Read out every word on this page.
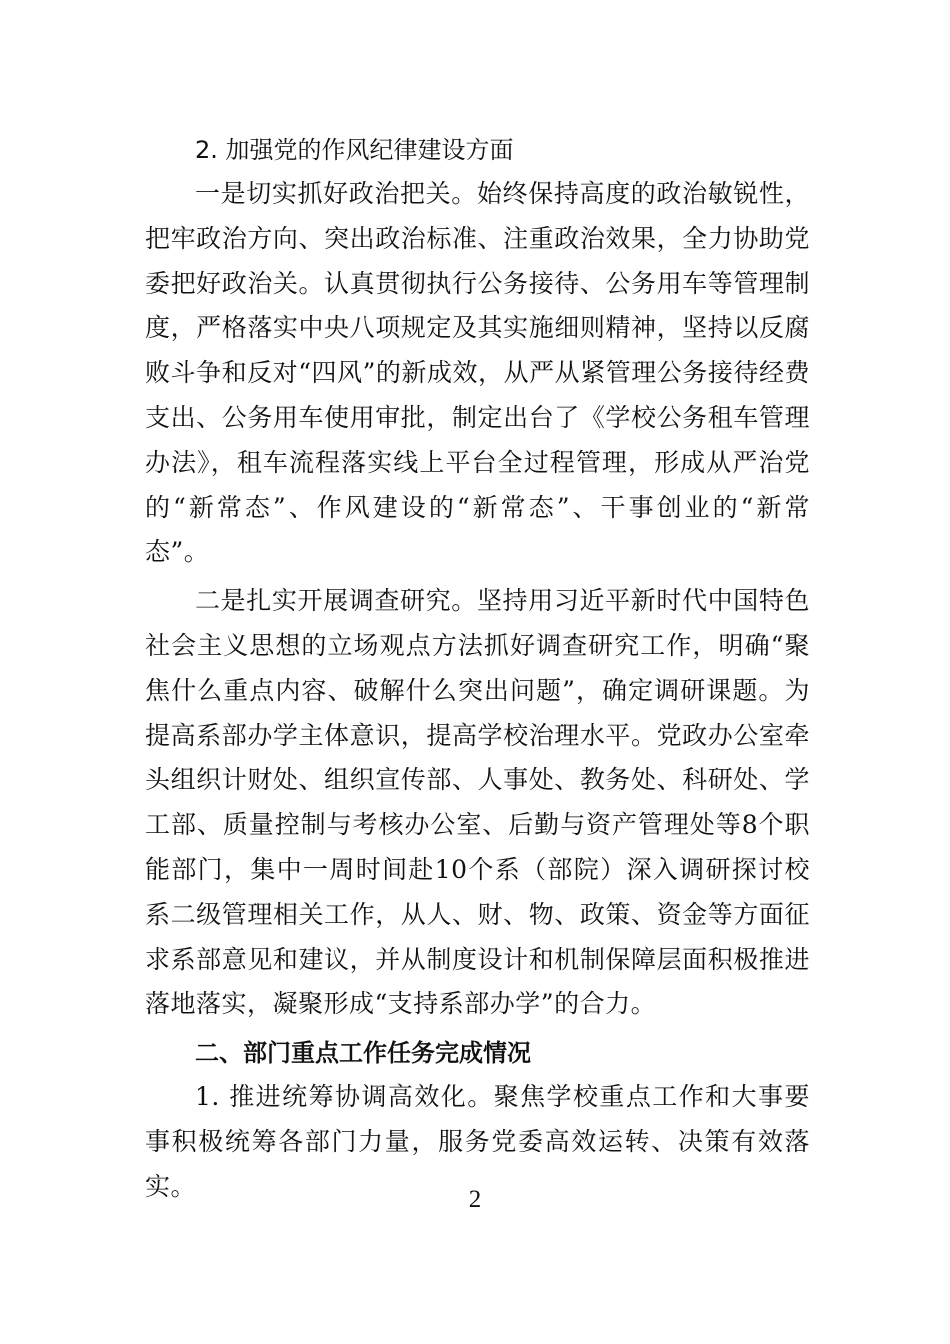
2. 加强党的作风纪律建设方面

一是切实抓好政治把关。始终保持高度的政治敏锐性，把牢政治方向、突出政治标准、注重政治效果，全力协助党委把好政治关。认真贯彻执行公务接待、公务用车等管理制度，严格落实中央八项规定及其实施细则精神，坚持以反腐败斗争和反对“四风”的新成效，从严从紧管理公务接待经费支出、公务用车使用审批，制定出台了《学校公务租车管理办法》，租车流程落实线上平台全过程管理，形成从严治党的“新常态”、作风建设的“新常态”、干事创业的“新常态”。

二是扎实开展调查研究。坚持用习近平新时代中国特色社会主义思想的立场观点方法抓好调查研究工作，明确“聚焦什么重点内容、破解什么突出问题”，确定调研课题。为提高系部办学主体意识，提高学校治理水平。党政办公室牵头组织计财处、组织宣传部、人事处、教务处、科研处、学工部、质量控制与考核办公室、后勤与资产管理处等8个职能部门，集中一周时间赴10个系（部院）深入调研探讨校系二级管理相关工作，从人、财、物、政策、资金等方面征求系部意见和建议，并从制度设计和机制保障层面积极推进落地落实，凝聚形成“支持系部办学”的合力。

二、部门重点工作任务完成情况

1. 推进统筹协调高效化。聚焦学校重点工作和大事要事积极统筹各部门力量，服务党委高效运转、决策有效落实。	2
